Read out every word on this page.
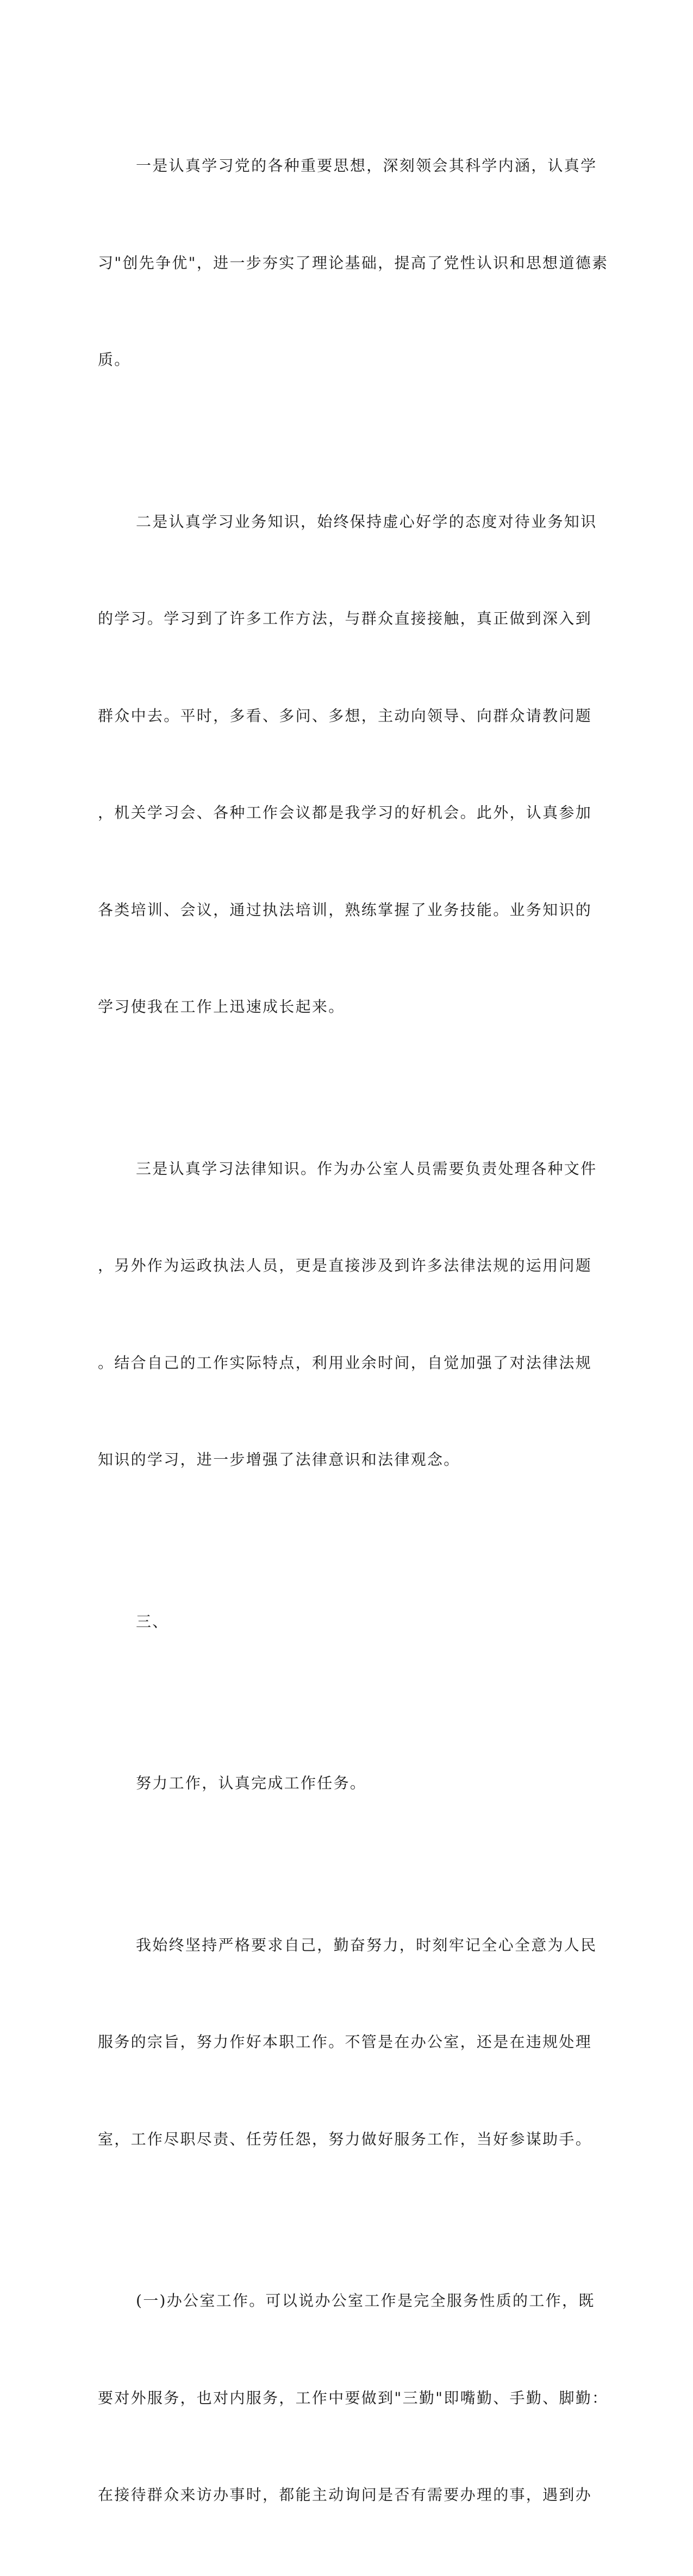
一是认真学习党的各种重要思想，深刻领会其科学内涵，认真学

习"创先争优"，进一步夯实了理论基础，提高了党性认识和思想道德素

质。

二是认真学习业务知识，始终保持虚心好学的态度对待业务知识

的学习。学习到了许多工作方法，与群众直接接触，真正做到深入到

群众中去。平时，多看、多问、多想，主动向领导、向群众请教问题

，机关学习会、各种工作会议都是我学习的好机会。此外，认真参加

各类培训、会议，通过执法培训，熟练掌握了业务技能。业务知识的

学习使我在工作上迅速成长起来。

三是认真学习法律知识。作为办公室人员需要负责处理各种文件

，另外作为运政执法人员，更是直接涉及到许多法律法规的运用问题

。结合自己的工作实际特点，利用业余时间，自觉加强了对法律法规

知识的学习，进一步增强了法律意识和法律观念。

三、

努力工作，认真完成工作任务。

我始终坚持严格要求自己，勤奋努力，时刻牢记全心全意为人民

服务的宗旨，努力作好本职工作。不管是在办公室，还是在违规处理

室，工作尽职尽责、任劳任怨，努力做好服务工作，当好参谋助手。

(一)办公室工作。可以说办公室工作是完全服务性质的工作，既

要对外服务，也对内服务，工作中要做到"三勤"即嘴勤、手勤、脚勤：

在接待群众来访办事时，都能主动询问是否有需要办理的事，遇到办
